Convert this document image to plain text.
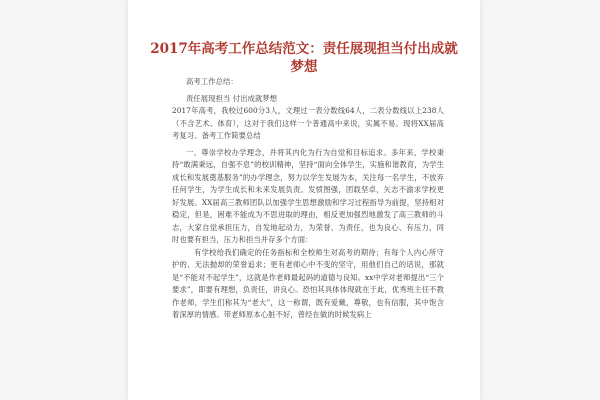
2017年高考工作总结范文：责任展现担当付出成就梦想

高考工作总结：

责任展现担当 付出成就梦想

2017年高考，我校过600分3人，文理过一表分数线64人，二表分数线以上238人（不含艺术、体育），这对于我们这样一个普通高中来说，实属不易。现将XX届高考复习、备考工作简要总结

一、尊崇学校办学理念，并将其内化为行为自觉和目标追求。多年来，学校秉持“敢满秉远，自强不息”的校训精神，坚持“面向全体学生，实施和谐教育，为学生成长和发展奠基服务”的办学理念，努力以学生发展为本，关注每一名学生，不放弃任何学生，为学生成长和未来发展负责。发愤图强，团载坚卓，矢志不渝求学校更好发展。XX届高三教师团队以加强学生思想激励和学习过程指导为前提，坚持相对稳定，但是，困难不能成为不思进取的理由，相反更加强烈地激发了高三教师的斗志，大家自觉承担压力，自发地起动力，为荣誉、为责任，也为良心、有压力，同时也要有担当，压力和担当并存多个方面：

有学校给我们确定的任务指标和全校师生对高考的期待；有每个人内心所守护的、无法抛却的荣誉追求；更有老师心中不变的坚守，用他们自己的话说，那就是“不能对不起学生”，这就是作老师最起码的道德与良知。xx中学对老师提出“三个要求”，即要有理想，负责任，讲良心。恐怕其具体体现就在于此，优秀班主任不教作老师，学生们称其为“老大”，这一称谓，既有爱戴，尊敬，也有信服，其中饱含着深厚的情感。带老师原本心脏不好，曾经在做的时候发病上
